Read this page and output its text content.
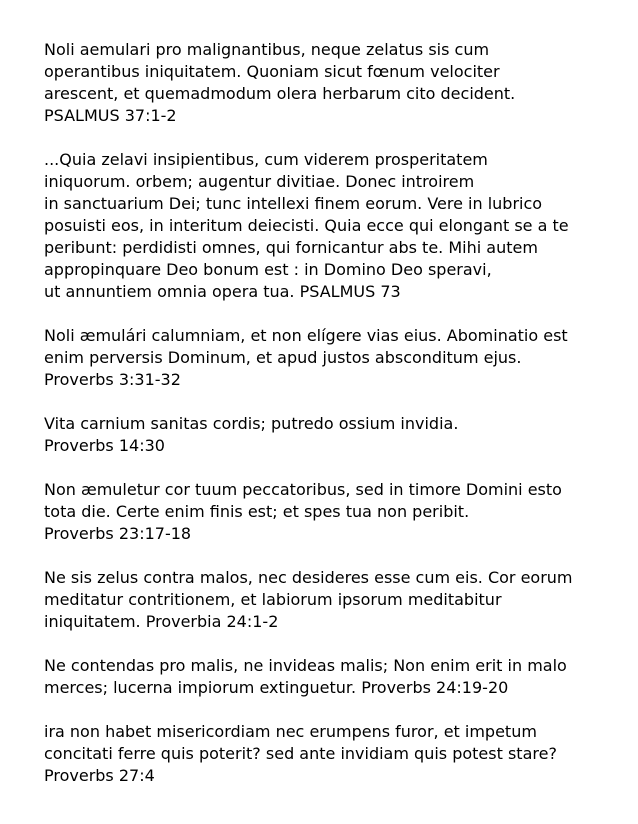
Noli aemulari pro malignantibus, neque zelatus sis cum
operantibus iniquitatem. Quoniam sicut fœnum velociter
arescent, et quemadmodum olera herbarum cito decident.
PSALMUS 37:1-2
...Quia zelavi insipientibus, cum viderem prosperitatem
iniquorum. orbem; augentur divitiae. Donec introirem
in sanctuarium Dei; tunc intellexi finem eorum. Vere in lubrico
posuisti eos, in interitum deiecisti. Quia ecce qui elongant se a te
peribunt: perdidisti omnes, qui fornicantur abs te. Mihi autem
appropinquare Deo bonum est : in Domino Deo speravi,
ut annuntiem omnia opera tua. PSALMUS 73
Noli æmulári calumniam, et non elígere vias eius. Abominatio est
enim perversis Dominum, et apud justos absconditum ejus.
Proverbs 3:31-32
Vita carnium sanitas cordis; putredo ossium invidia.
Proverbs 14:30
Non æmuletur cor tuum peccatoribus, sed in timore Domini esto
tota die. Certe enim finis est; et spes tua non peribit.
Proverbs 23:17-18
Ne sis zelus contra malos, nec desideres esse cum eis. Cor eorum
meditatur contritionem, et labiorum ipsorum meditabitur
iniquitatem. Proverbia 24:1-2
Ne contendas pro malis, ne invideas malis; Non enim erit in malo
merces; lucerna impiorum extinguetur. Proverbs 24:19-20
ira non habet misericordiam nec erumpens furor, et impetum
concitati ferre quis poterit? sed ante invidiam quis potest stare?
Proverbs 27:4
